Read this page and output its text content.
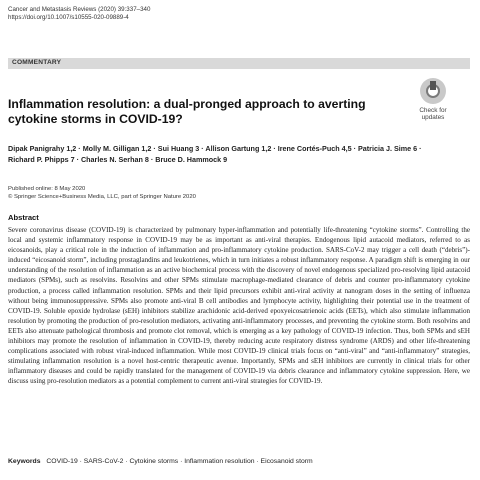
Cancer and Metastasis Reviews (2020) 39:337–340
https://doi.org/10.1007/s10555-020-09889-4
COMMENTARY
Check for
updates
Inflammation resolution: a dual-pronged approach to averting cytokine storms in COVID-19?
Dipak Panigrahy 1,2 · Molly M. Gilligan 1,2 · Sui Huang 3 · Allison Gartung 1,2 · Irene Cortés-Puch 4,5 · Patricia J. Sime 6 ·
Richard P. Phipps 7 · Charles N. Serhan 8 · Bruce D. Hammock 9
Published online: 8 May 2020
© Springer Science+Business Media, LLC, part of Springer Nature 2020
Abstract
Severe coronavirus disease (COVID-19) is characterized by pulmonary hyper-inflammation and potentially life-threatening “cytokine storms”. Controlling the local and systemic inflammatory response in COVID-19 may be as important as anti-viral therapies. Endogenous lipid autacoid mediators, referred to as eicosanoids, play a critical role in the induction of inflammation and pro-inflammatory cytokine production. SARS-CoV-2 may trigger a cell death (“debris”)-induced “eicosanoid storm”, including prostaglandins and leukotrienes, which in turn initiates a robust inflammatory response. A paradigm shift is emerging in our understanding of the resolution of inflammation as an active biochemical process with the discovery of novel endogenous specialized pro-resolving lipid autacoid mediators (SPMs), such as resolvins. Resolvins and other SPMs stimulate macrophage-mediated clearance of debris and counter pro-inflammatory cytokine production, a process called inflammation resolution. SPMs and their lipid precursors exhibit anti-viral activity at nanogram doses in the setting of influenza without being immunosuppressive. SPMs also promote anti-viral B cell antibodies and lymphocyte activity, highlighting their potential use in the treatment of COVID-19. Soluble epoxide hydrolase (sEH) inhibitors stabilize arachidonic acid-derived epoxyeicosatrienoic acids (EETs), which also stimulate inflammation resolution by promoting the production of pro-resolution mediators, activating anti-inflammatory processes, and preventing the cytokine storm. Both resolvins and EETs also attenuate pathological thrombosis and promote clot removal, which is emerging as a key pathology of COVID-19 infection. Thus, both SPMs and sEH inhibitors may promote the resolution of inflammation in COVID-19, thereby reducing acute respiratory distress syndrome (ARDS) and other life-threatening complications associated with robust viral-induced inflammation. While most COVID-19 clinical trials focus on “anti-viral” and “anti-inflammatory” strategies, stimulating inflammation resolution is a novel host-centric therapeutic avenue. Importantly, SPMs and sEH inhibitors are currently in clinical trials for other inflammatory diseases and could be rapidly translated for the management of COVID-19 via debris clearance and inflammatory cytokine suppression. Here, we discuss using pro-resolution mediators as a potential complement to current anti-viral strategies for COVID-19.
Keywords COVID-19 · SARS-CoV-2 · Cytokine storms · Inflammation resolution · Eicosanoid storm
